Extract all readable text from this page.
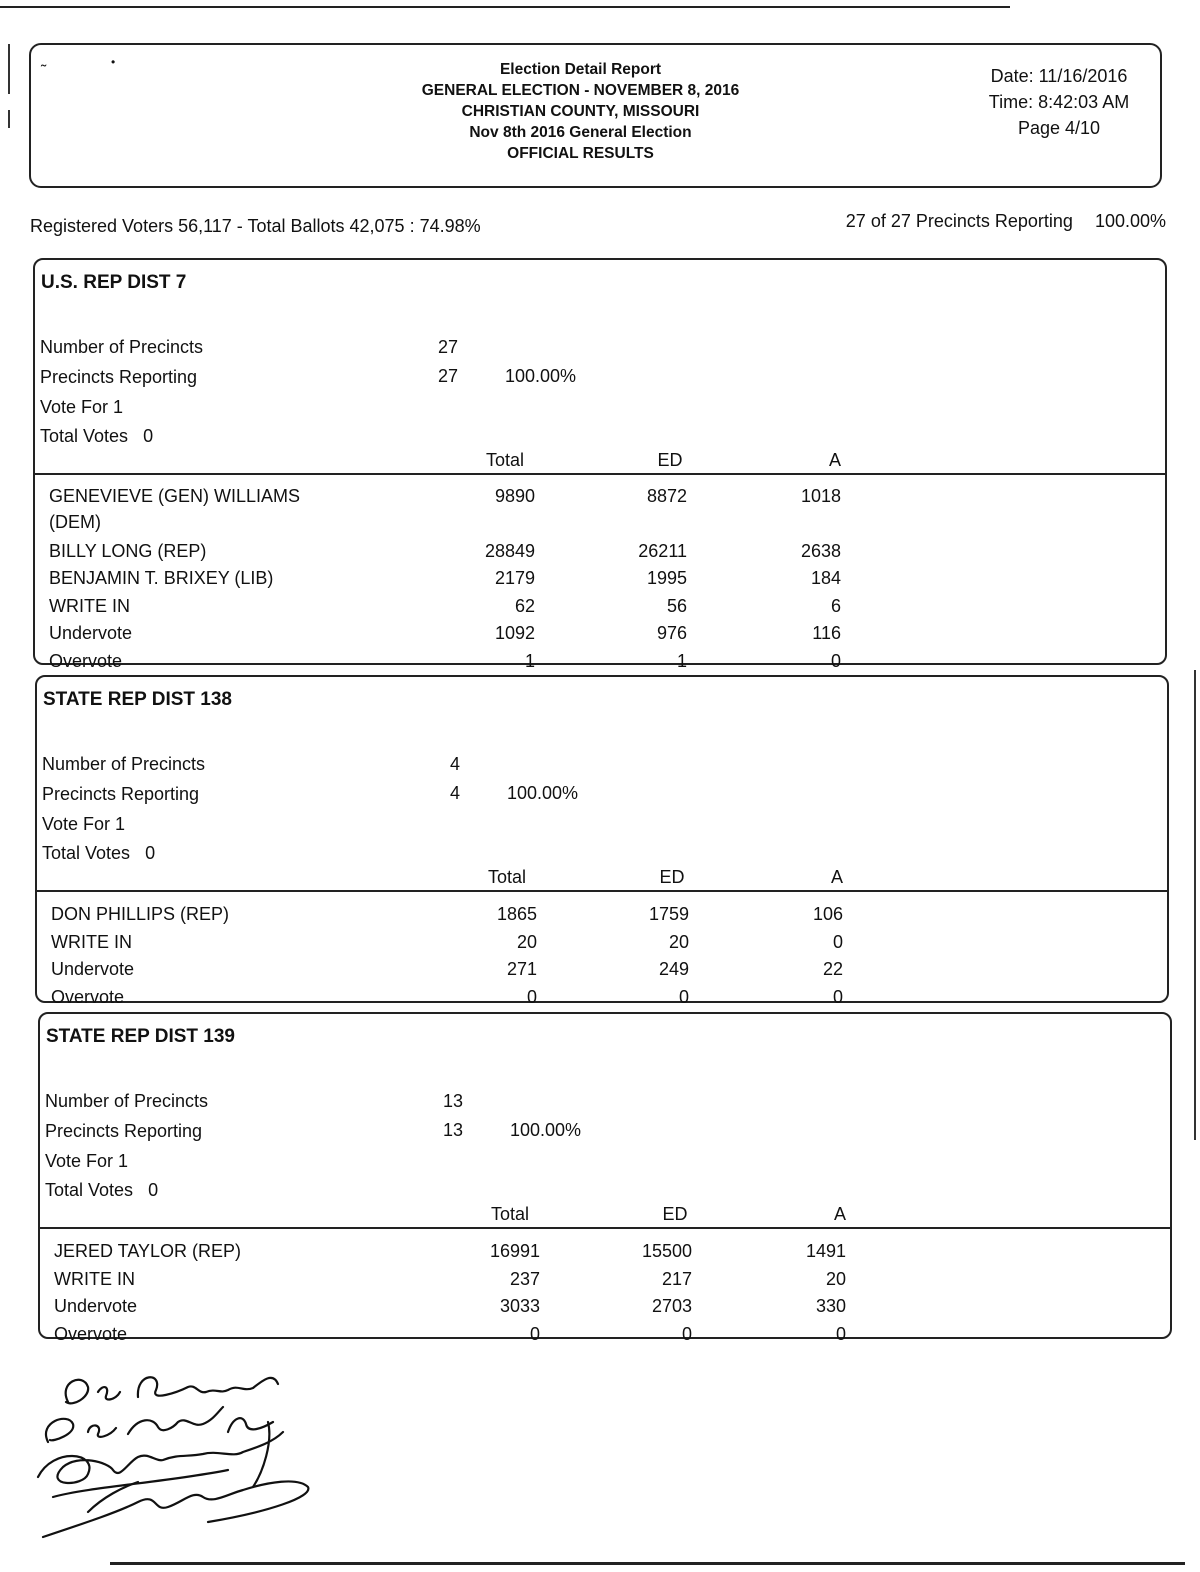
˜
•	Election Detail Report
GENERAL ELECTION - NOVEMBER 8, 2016
CHRISTIAN COUNTY, MISSOURI
Nov 8th 2016 General Election
OFFICIAL RESULTS
Date: 11/16/2016
Time: 8:42:03 AM
Page 4/10
Registered Voters 56,117 - Total Ballots 42,075 : 74.98%	27 of 27 Precincts Reporting 100.00%
U.S. REP DIST 7
Number of Precincts	27
Precincts Reporting	27	100.00%
Vote For 1
Total Votes 0
Total	ED	A
GENEVIEVE (GEN) WILLIAMS	9890	8872	1018
(DEM)
BILLY LONG (REP)	28849	26211	2638
BENJAMIN T. BRIXEY (LIB)	2179	1995	184
WRITE IN	62	56	6
Undervote	1092	976	116
Overvote	1	1	0
STATE REP DIST 138
Number of Precincts	4
Precincts Reporting	4	100.00%
Vote For 1
Total Votes 0
Total	ED	A
DON PHILLIPS (REP)	1865	1759	106
WRITE IN	20	20	0
Undervote	271	249	22
Overvote	0	0	0
STATE REP DIST 139
Number of Precincts	13
Precincts Reporting	13	100.00%
Vote For 1
Total Votes 0
Total	ED	A
JERED TAYLOR (REP)	16991	15500	1491
WRITE IN	237	217	20
Undervote	3033	2703	330
Overvote	0	0	0
